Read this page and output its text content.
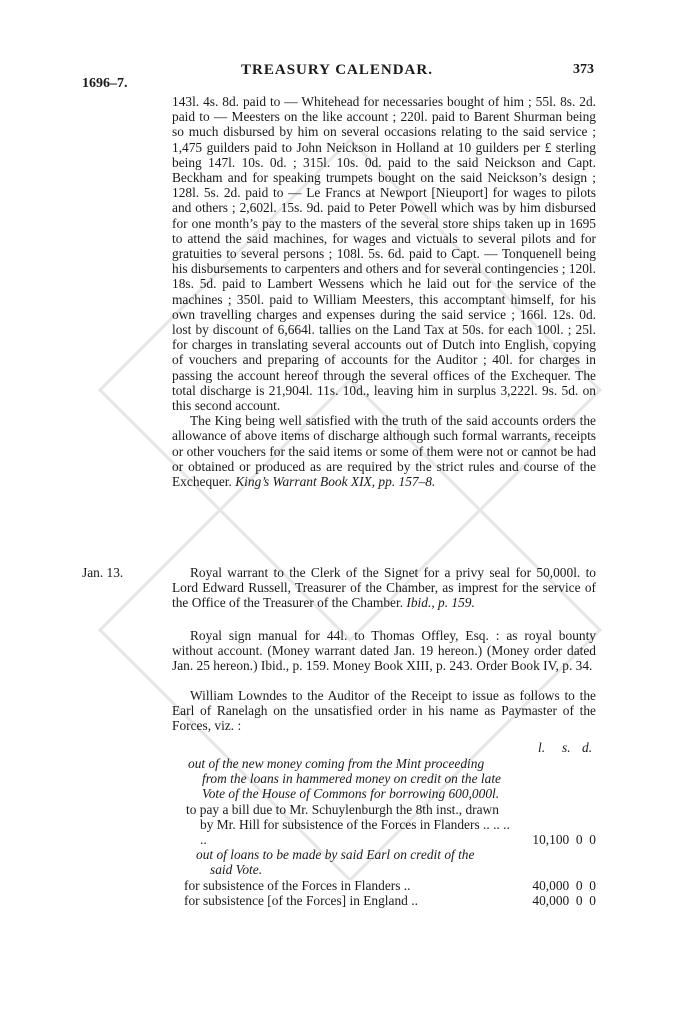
1696–7.
TREASURY CALENDAR.	373

143l. 4s. 8d. paid to — Whitehead for necessaries bought of him ; 55l. 8s. 2d. paid to — Meesters on the like account ; 220l. paid to Barent Shurman being so much disbursed by him on several occasions relating to the said service ; 1,475 guilders paid to John Neickson in Holland at 10 guilders per £ sterling being 147l. 10s. 0d. ; 315l. 10s. 0d. paid to the said Neickson and Capt. Beckham and for speaking trumpets bought on the said Neickson’s design ; 128l. 5s. 2d. paid to — Le Francs at Newport [Nieuport] for wages to pilots and others ; 2,602l. 15s. 9d. paid to Peter Powell which was by him disbursed for one month’s pay to the masters of the several store ships taken up in 1695 to attend the said machines, for wages and victuals to several pilots and for gratuities to several persons ; 108l. 5s. 6d. paid to Capt. — Tonquenell being his disbursements to carpenters and others and for several contingencies ; 120l. 18s. 5d. paid to Lambert Wessens which he laid out for the service of the machines ; 350l. paid to William Meesters, this accomptant himself, for his own travelling charges and expenses during the said service ; 166l. 12s. 0d. lost by discount of 6,664l. tallies on the Land Tax at 50s. for each 100l. ; 25l. for charges in translating several accounts out of Dutch into English, copying of vouchers and preparing of accounts for the Auditor ; 40l. for charges in passing the account hereof through the several offices of the Exchequer. The total discharge is 21,904l. 11s. 10d., leaving him in surplus 3,222l. 9s. 5d. on this second account.

The King being well satisfied with the truth of the said accounts orders the allowance of above items of discharge although such formal warrants, receipts or other vouchers for the said items or some of them were not or cannot be had or obtained or produced as are required by the strict rules and course of the Exchequer. King’s Warrant Book XIX, pp. 157–8.

Jan. 13.	Royal warrant to the Clerk of the Signet for a privy seal for 50,000l. to Lord Edward Russell, Treasurer of the Chamber, as imprest for the service of the Office of the Treasurer of the Chamber. Ibid., p. 159.

Royal sign manual for 44l. to Thomas Offley, Esq. : as royal bounty without account. (Money warrant dated Jan. 19 hereon.) (Money order dated Jan. 25 hereon.) Ibid., p. 159. Money Book XIII, p. 243. Order Book IV, p. 34.

William Lowndes to the Auditor of the Receipt to issue as follows to the Earl of Ranelagh on the unsatisfied order in his name as Paymaster of the Forces, viz. :

l. s. d.
out of the new money coming from the Mint proceeding from the loans in hammered money on credit on the late Vote of the House of Commons for borrowing 600,000l.
to pay a bill due to Mr. Schuylenburgh the 8th inst., drawn by Mr. Hill for subsistence of the Forces in Flanders .. .. .. ..	10,100  0  0
out of loans to be made by said Earl on credit of the said Vote.
for subsistence of the Forces in Flanders ..	40,000  0  0
for subsistence [of the Forces] in England ..	40,000  0  0
